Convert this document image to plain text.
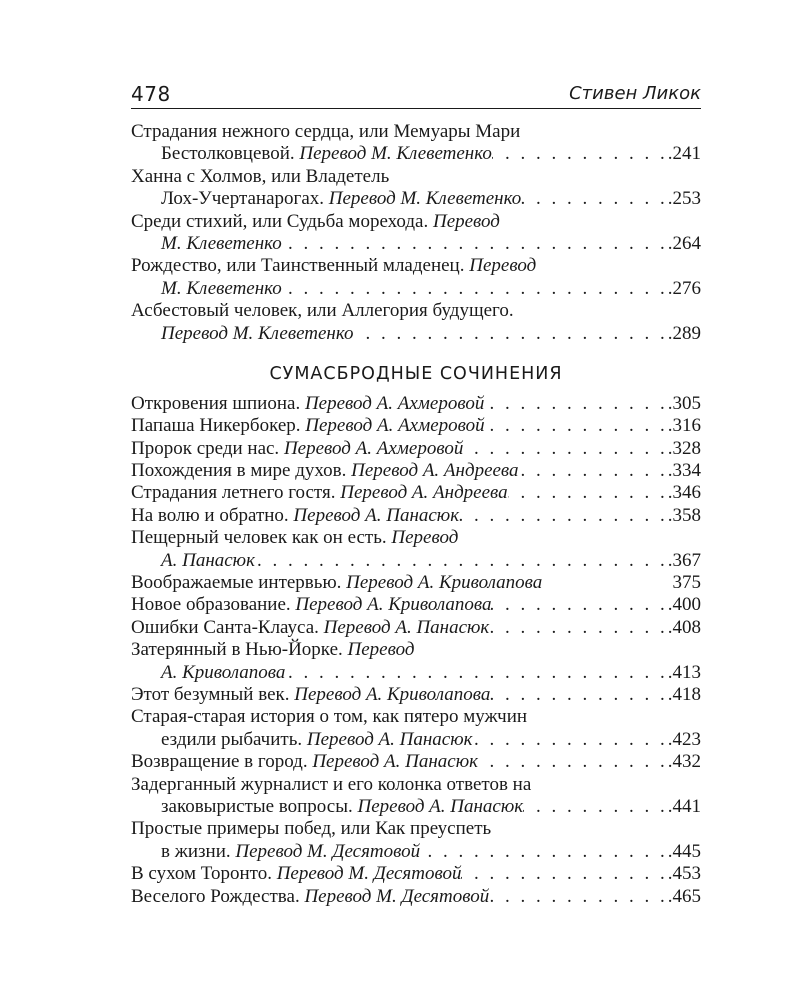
478	Стивен Ликок
Страдания нежного сердца, или Мемуары Мари
Бестолковцевой. Перевод М. Клеветенко . . .	.241
Ханна с Холмов, или Владетель
Лох-Учертанарогах. Перевод М. Клеветенко . . .	.253
Среди стихий, или Судьба морехода. Перевод
М. Клеветенко . . .	.264
Рождество, или Таинственный младенец. Перевод
М. Клеветенко . . .	.276
Асбестовый человек, или Аллегория будущего.
Перевод М. Клеветенко . . .	.289
СУМАСБРОДНЫЕ СОЧИНЕНИЯ
Откровения шпиона. Перевод А. Ахмеровой . . .	.305
Папаша Никербокер. Перевод А. Ахмеровой . . .	.316
Пророк среди нас. Перевод А. Ахмеровой . . .	.328
Похождения в мире духов. Перевод А. Андреева . . .	.334
Страдания летнего гостя. Перевод А. Андреева . . .	.346
На волю и обратно. Перевод А. Панасюк . . .	.358
Пещерный человек как он есть. Перевод
А. Панасюк . . .	.367
Воображаемые интервью. Перевод А. Криволапова	375
Новое образование. Перевод А. Криволапова . . .	.400
Ошибки Санта-Клауса. Перевод А. Панасюк . . .	.408
Затерянный в Нью-Йорке. Перевод
А. Криволапова . . .	.413
Этот безумный век. Перевод А. Криволапова . . .	.418
Старая-старая история о том, как пятеро мужчин
ездили рыбачить. Перевод А. Панасюк . . .	.423
Возвращение в город. Перевод А. Панасюк . . .	.432
Задерганный журналист и его колонка ответов на
заковыристые вопросы. Перевод А. Панасюк . . .	.441
Простые примеры побед, или Как преуспеть
в жизни. Перевод М. Десятовой . . .	.445
В сухом Торонто. Перевод М. Десятовой . . .	.453
Веселого Рождества. Перевод М. Десятовой . . .	.465
